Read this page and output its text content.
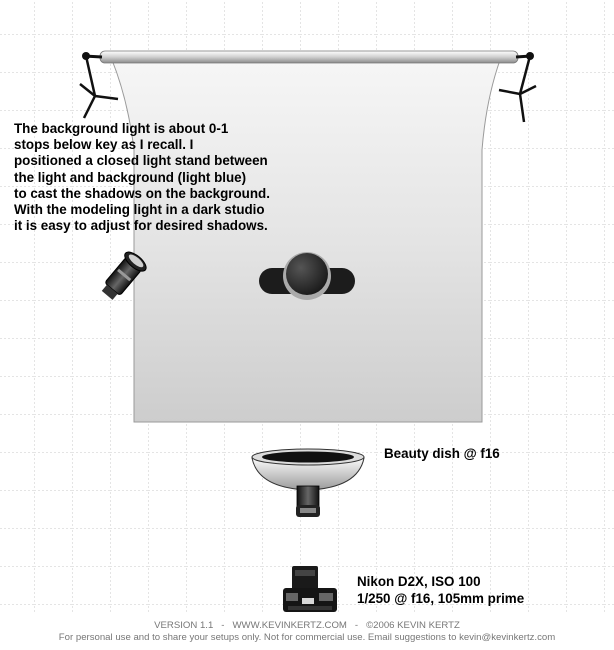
The background light is about 0-1
stops below key as I recall. I
positioned a closed light stand between
the light and background (light blue)
to cast the shadows on the background.
With the modeling light in a dark studio
it is easy to adjust for desired shadows.
Beauty dish @ f16
Nikon D2X, ISO 100
1/250 @ f16, 105mm prime
VERSION 1.1   -   WWW.KEVINKERTZ.COM   -   ©2006 KEVIN KERTZ
For personal use and to share your setups only. Not for commercial use. Email suggestions to kevin@kevinkertz.com
